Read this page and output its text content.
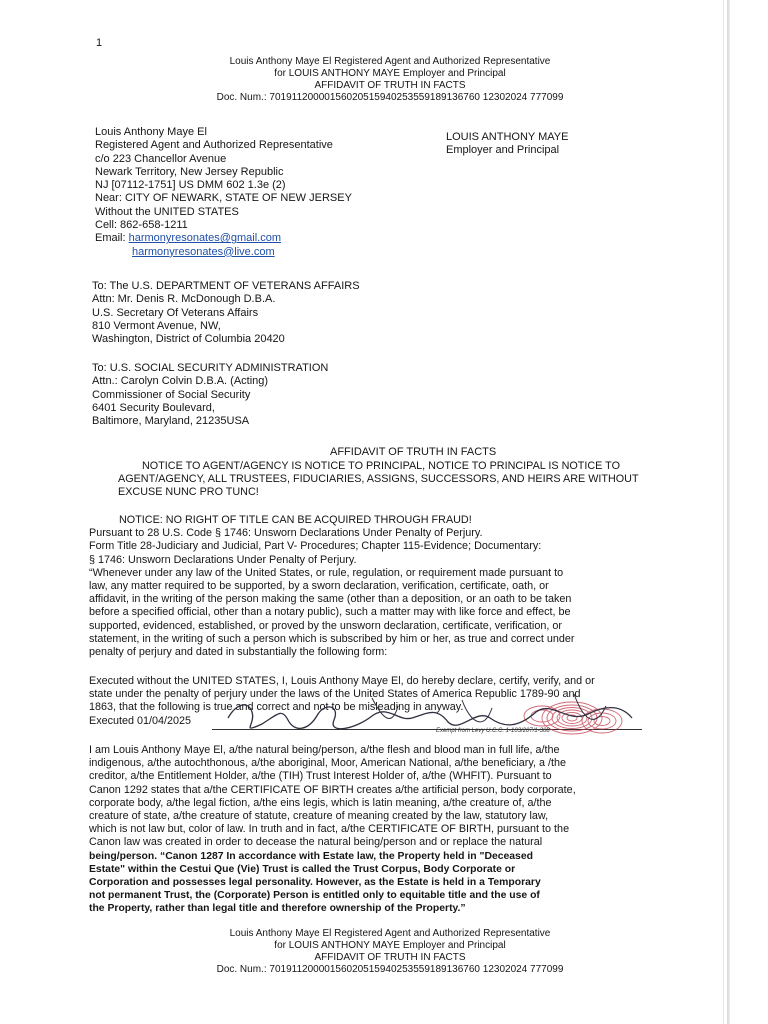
1
Louis Anthony Maye El Registered Agent and Authorized Representative
for LOUIS ANTHONY MAYE Employer and Principal
AFFIDAVIT OF TRUTH IN FACTS
Doc. Num.: 70191120000156020515940253559189136760 12302024 777099
Louis Anthony Maye El
Registered Agent and Authorized Representative
c/o 223 Chancellor Avenue
Newark Territory, New Jersey Republic
NJ [07112-1751] US DMM 602 1.3e (2)
Near: CITY OF NEWARK, STATE OF NEW JERSEY
Without the UNITED STATES
Cell: 862-658-1211
Email: harmonyresonates@gmail.com
harmonyresonates@live.com
LOUIS ANTHONY MAYE
Employer and Principal
To: The U.S. DEPARTMENT OF VETERANS AFFAIRS
Attn: Mr. Denis R. McDonough D.B.A.
U.S. Secretary Of Veterans Affairs
810 Vermont Avenue, NW,
Washington, District of Columbia 20420
To: U.S. SOCIAL SECURITY ADMINISTRATION
Attn.: Carolyn Colvin D.B.A. (Acting)
Commissioner of Social Security
6401 Security Boulevard,
Baltimore, Maryland, 21235USA
AFFIDAVIT OF TRUTH IN FACTS
NOTICE TO AGENT/AGENCY IS NOTICE TO PRINCIPAL, NOTICE TO PRINCIPAL IS NOTICE TO
AGENT/AGENCY, ALL TRUSTEES, FIDUCIARIES, ASSIGNS, SUCCESSORS, AND HEIRS ARE WITHOUT
EXCUSE NUNC PRO TUNC!
NOTICE: NO RIGHT OF TITLE CAN BE ACQUIRED THROUGH FRAUD!
Pursuant to 28 U.S. Code § 1746: Unsworn Declarations Under Penalty of Perjury.
Form Title 28-Judiciary and Judicial, Part V- Procedures; Chapter 115-Evidence; Documentary:
§ 1746: Unsworn Declarations Under Penalty of Perjury.
“Whenever under any law of the United States, or rule, regulation, or requirement made pursuant to
law, any matter required to be supported, by a sworn declaration, verification, certificate, oath, or
affidavit, in the writing of the person making the same (other than a deposition, or an oath to be taken
before a specified official, other than a notary public), such a matter may with like force and effect, be
supported, evidenced, established, or proved by the unsworn declaration, certificate, verification, or
statement, in the writing of such a person which is subscribed by him or her, as true and correct under
penalty of perjury and dated in substantially the following form:
Executed without the UNITED STATES, I, Louis Anthony Maye El, do hereby declare, certify, verify, and or
state under the penalty of perjury under the laws of the United States of America Republic 1789-90 and
1863, that the following is true and correct and not to be misleading in anyway.
Executed 01/04/2025
Exempt from Levy U.C.C. 1-103/207/1-308
I am Louis Anthony Maye El, a/the natural being/person, a/the flesh and blood man in full life, a/the
indigenous, a/the autochthonous, a/the aboriginal, Moor, American National, a/the beneficiary, a /the
creditor, a/the Entitlement Holder, a/the (TIH) Trust Interest Holder of, a/the (WHFIT). Pursuant to
Canon 1292 states that a/the CERTIFICATE OF BIRTH creates a/the artificial person, body corporate,
corporate body, a/the legal fiction, a/the eins legis, which is latin meaning, a/the creature of, a/the
creature of state, a/the creature of statute, creature of meaning created by the law, statutory law,
which is not law but, color of law. In truth and in fact, a/the CERTIFICATE OF BIRTH, pursuant to the
Canon law was created in order to decease the natural being/person and or replace the natural
being/person. “Canon 1287 In accordance with Estate law, the Property held in "Deceased
Estate" within the Cestui Que (Vie) Trust is called the Trust Corpus, Body Corporate or
Corporation and possesses legal personality. However, as the Estate is held in a Temporary
not permanent Trust, the (Corporate) Person is entitled only to equitable title and the use of
the Property, rather than legal title and therefore ownership of the Property.”
Louis Anthony Maye El Registered Agent and Authorized Representative
for LOUIS ANTHONY MAYE Employer and Principal
AFFIDAVIT OF TRUTH IN FACTS
Doc. Num.: 70191120000156020515940253559189136760 12302024 777099
